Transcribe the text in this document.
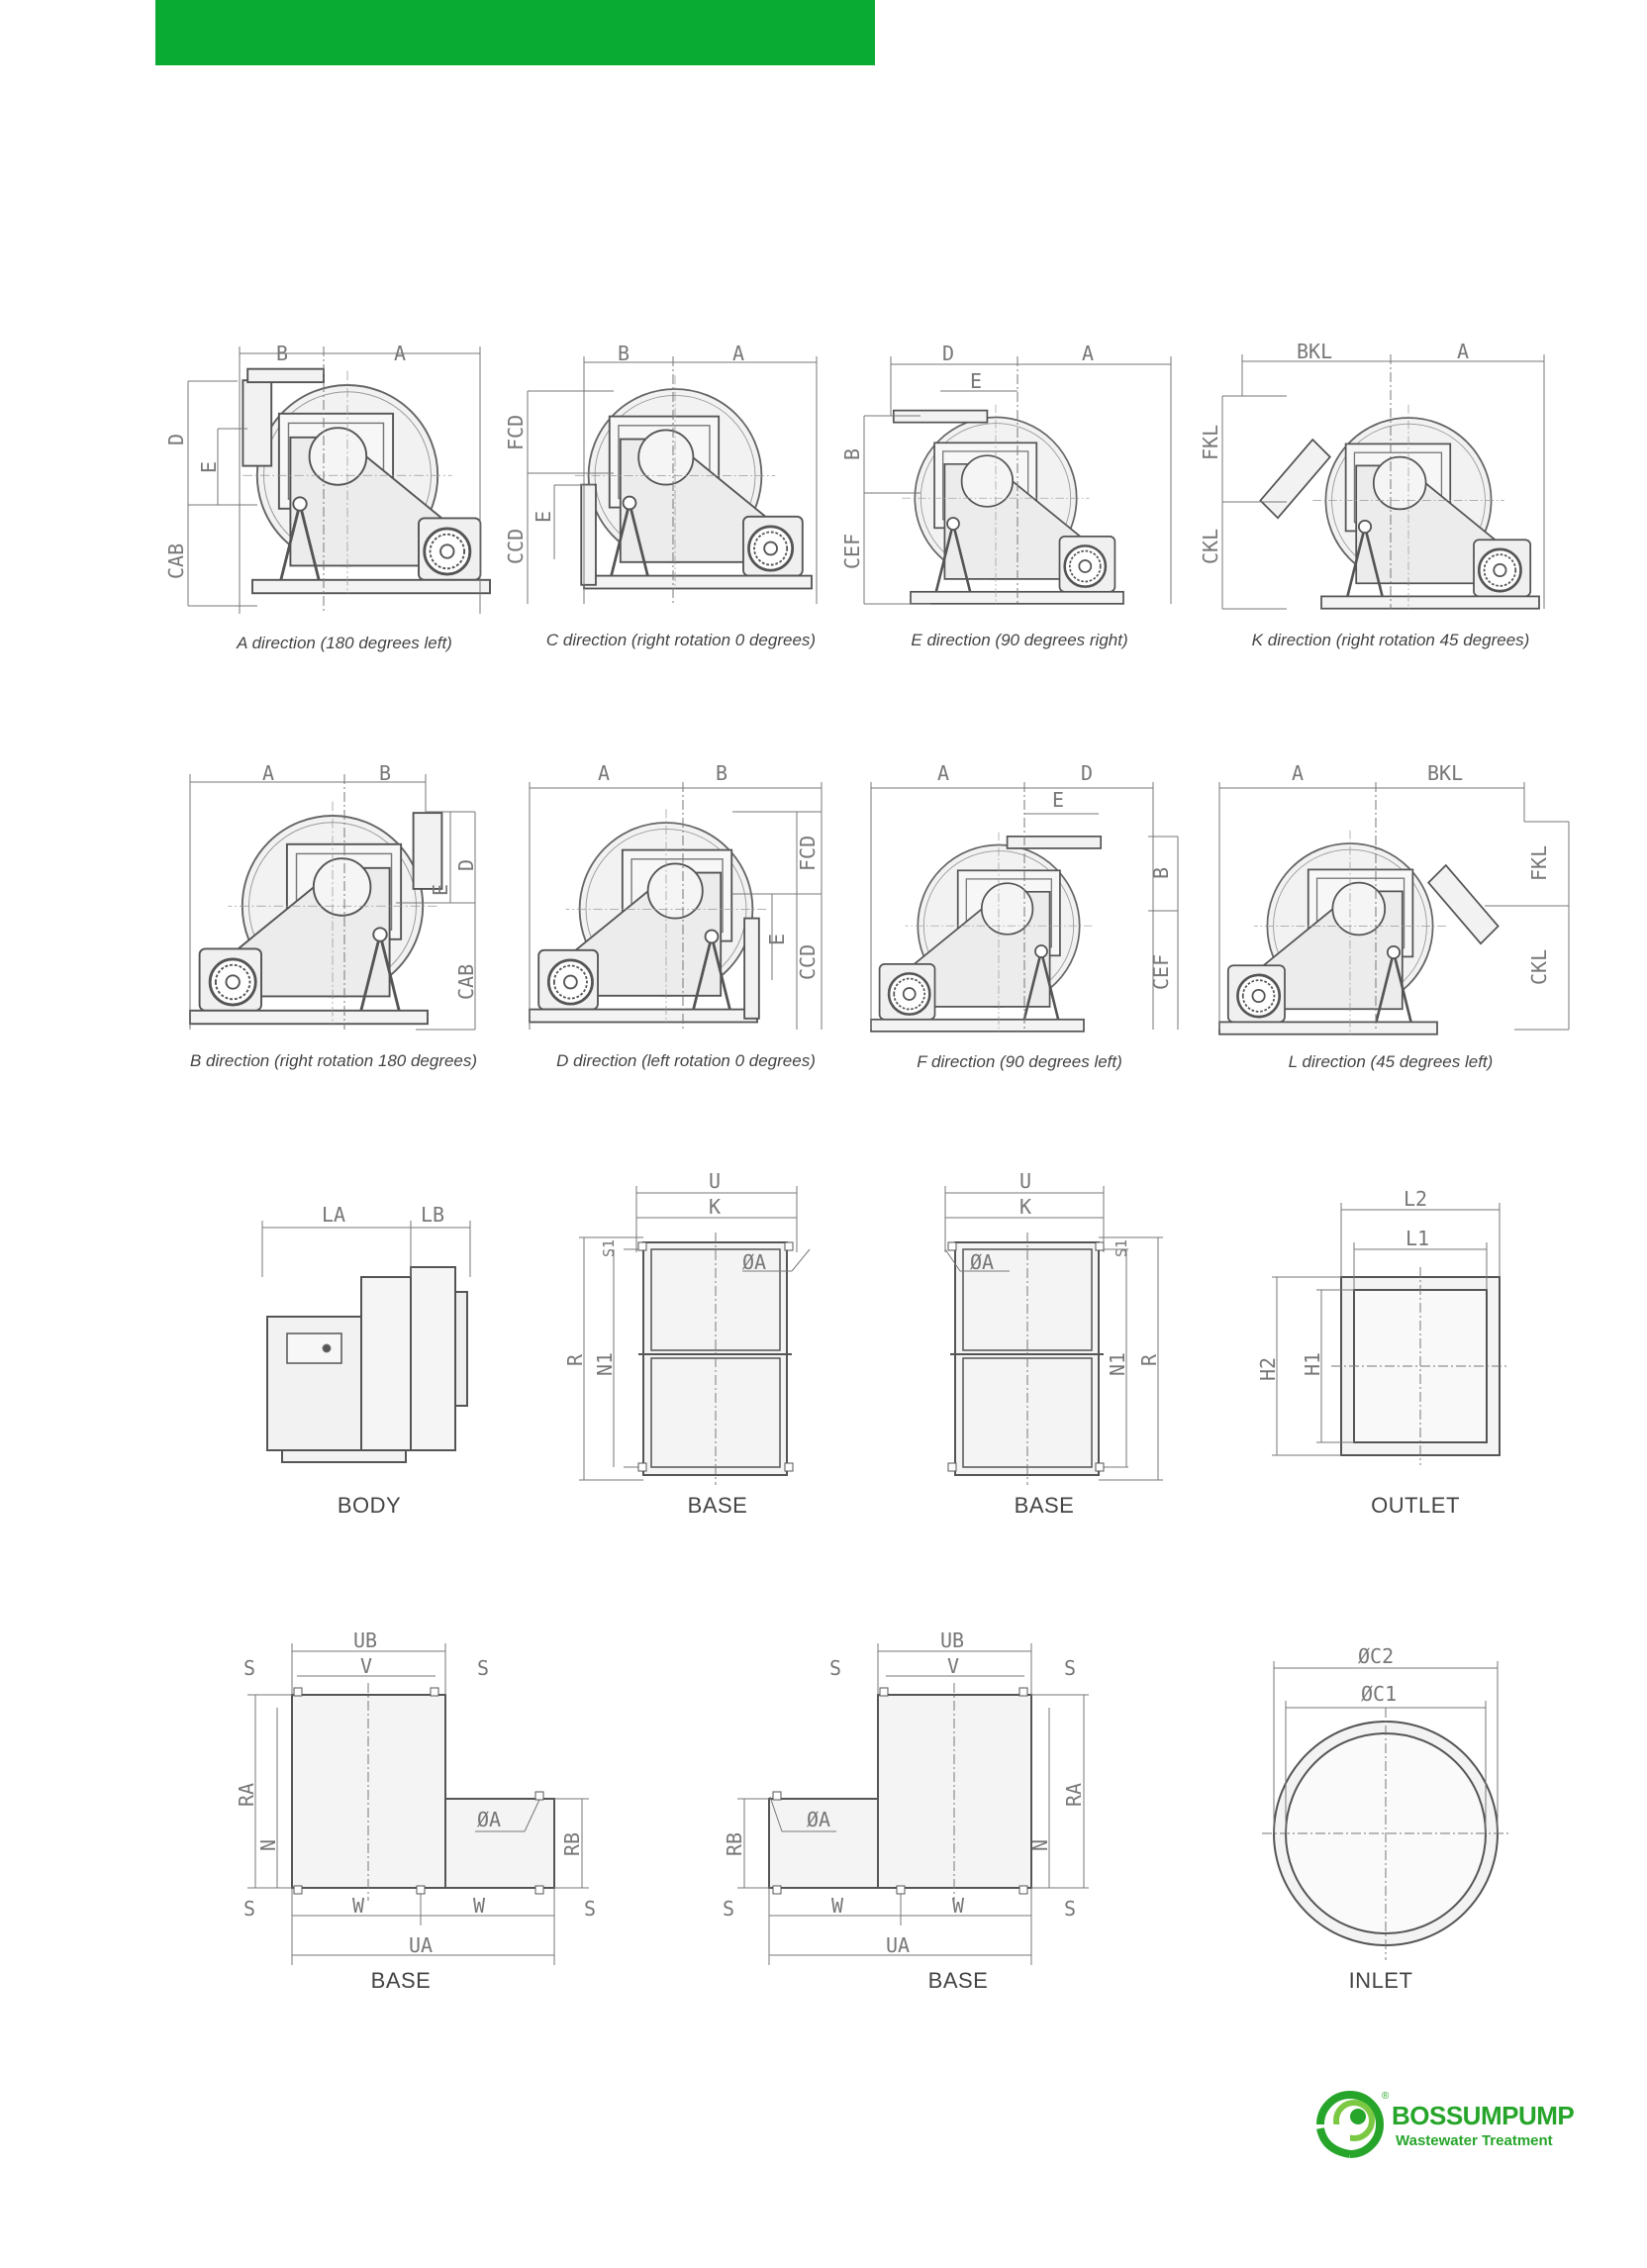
B	A
D
E
CAB
B	A
FCD
E
CCD
D	A
E
B
CEF
BKL	A
FKL
CKL
A	B
D
E
CAB
A	B
FCD
E
CCD
A	D
E
B
CEF
A	BKL
FKL
CKL
LA	LB
U
K
ØA
R N1
S1
U
K
ØA
N1 R
S1
L2
L1
H2 H1
UB
V
S	S
RA
N
ØA
RB
W	W
S	S
UA
UB
V
S	S
ØA
RB
RA
N
W	W
S	S
UA
ØC2
ØC1
A direction (180 degrees left)	C direction (right rotation 0 degrees)	E direction (90 degrees right)	K direction (right rotation 45 degrees)
B direction (right rotation 180 degrees)	D direction (left rotation 0 degrees)	F direction (90 degrees left)	L direction (45 degrees left)
BODY	BASE	BASE	OUTLET
BASE	BASE	INLET
®
BOSSUMPUMP
Wastewater Treatment
